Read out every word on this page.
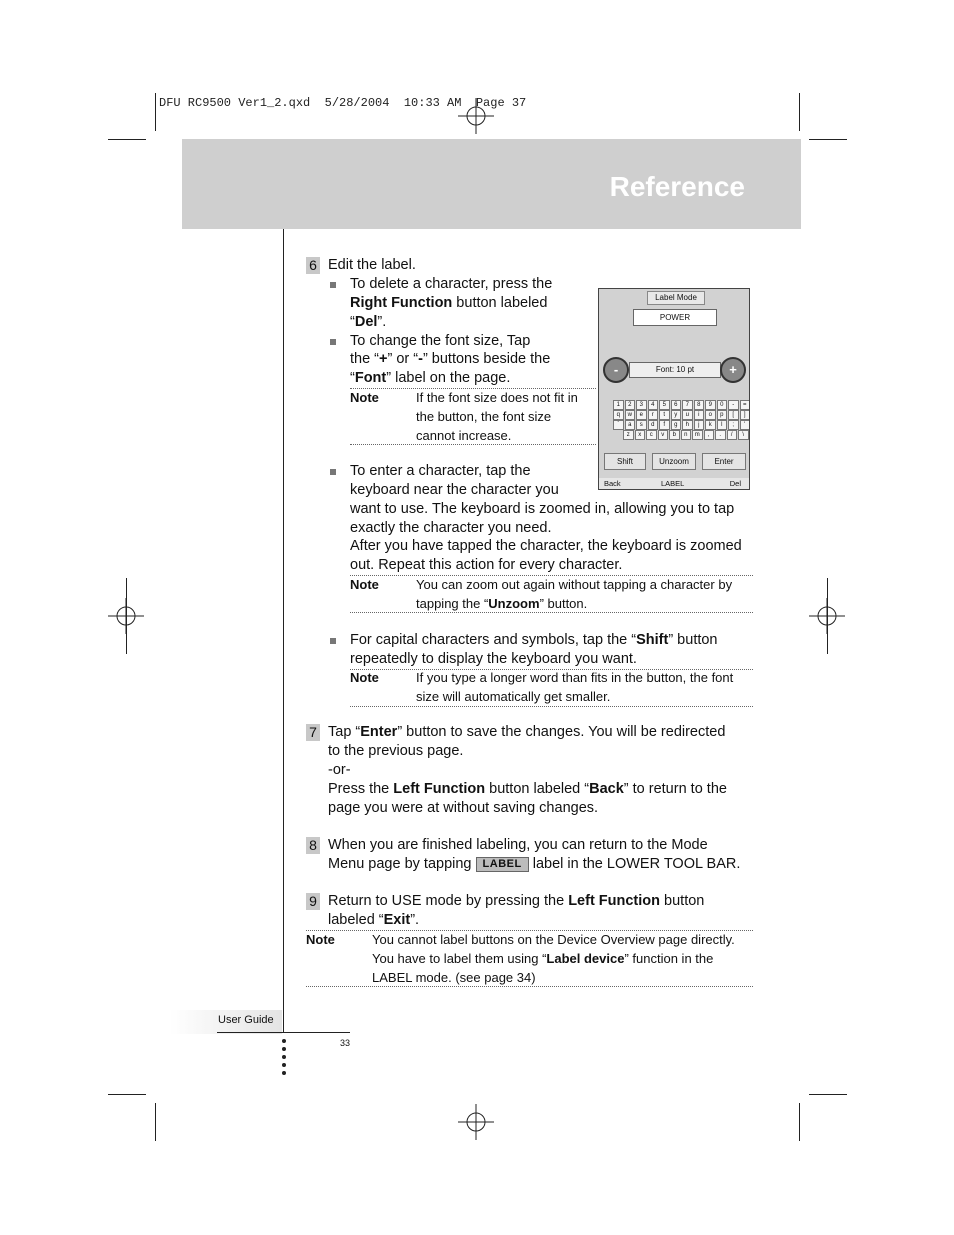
DFU RC9500 Ver1_2.qxd  5/28/2004  10:33 AM  Page 37
Reference
6 Edit the label.
To delete a character, press the
Right Function button labeled
“Del”.
To change the font size, Tap
the “+” or “-” buttons beside the
“Font” label on the page.
Note	If the font size does not fit in
the button, the font size
cannot increase.
To enter a character, tap the
keyboard near the character you
want to use. The keyboard is zoomed in, allowing you to tap
exactly the character you need.
After you have tapped the character, the keyboard is zoomed
out. Repeat this action for every character.
Note	You can zoom out again without tapping a character by
tapping the “Unzoom” button.
For capital characters and symbols, tap the “Shift” button
repeatedly to display the keyboard you want.
Note	If you type a longer word than fits in the button, the font
size will automatically get smaller.
Label Mode
POWER
-	Font: 10 pt	+
1	2	3	4	5	6	7	8	9	0	-	=
q	w	e	r	t	y	u	i	o	p	[	]
`	a	s	d	f	g	h	j	k	l	;	'
z	x	c	v	b	n	m	,	.	/	\
Shift	Unzoom	Enter
Back	LABEL	Del
7 Tap “Enter” button to save the changes. You will be redirected
to the previous page.
-or-
Press the Left Function button labeled “Back” to return to the
page you were at without saving changes.
8 When you are finished labeling, you can return to the Mode
Menu page by tapping LABEL label in the LOWER TOOL BAR.
9 Return to USE mode by pressing the Left Function button
labeled “Exit”.
Note	You cannot label buttons on the Device Overview page directly.
You have to label them using “Label device” function in the
LABEL mode. (see page 34)
User Guide
33
